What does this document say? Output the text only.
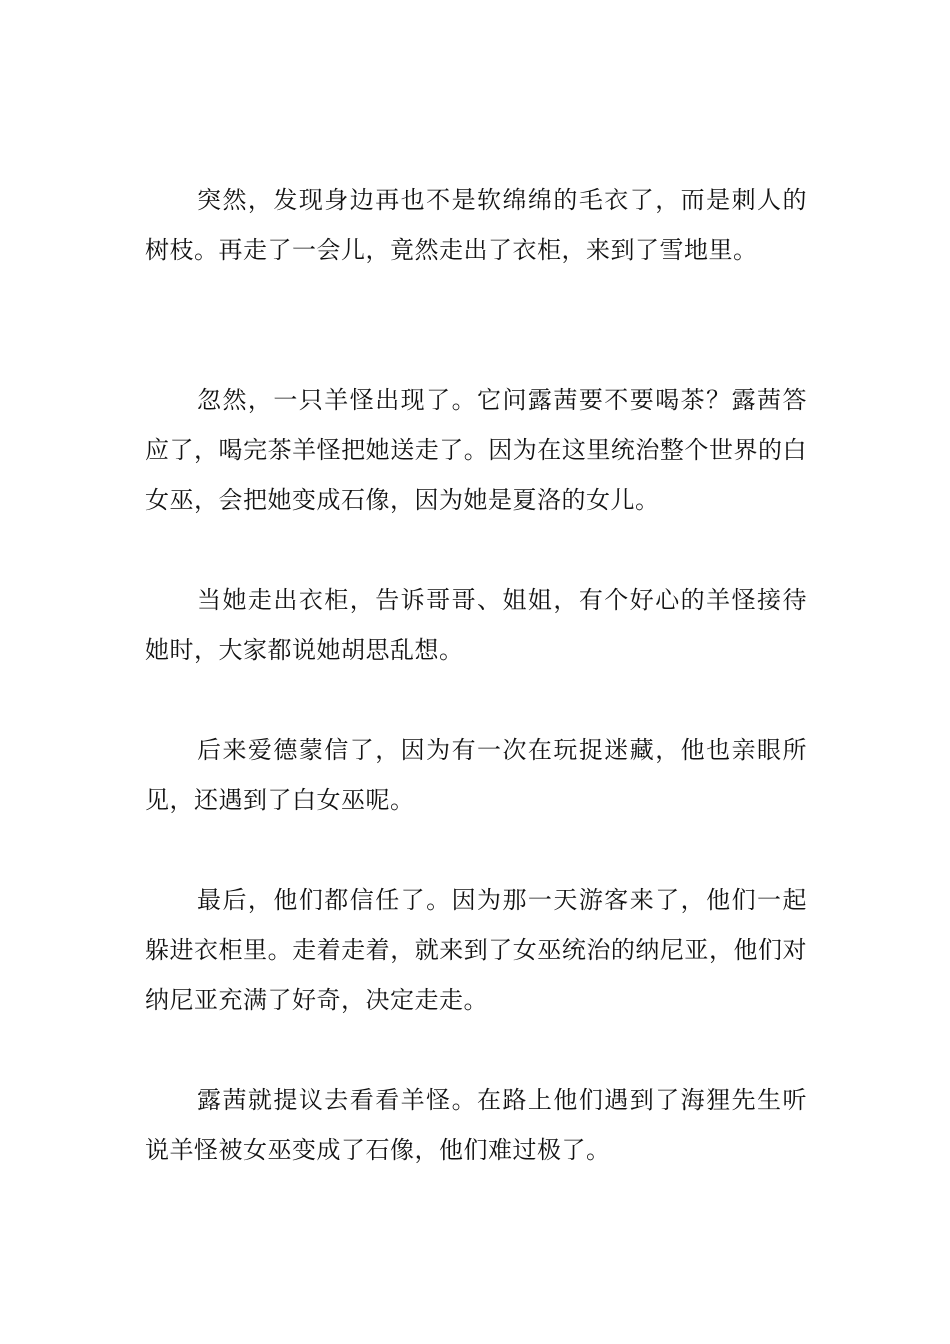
突然，发现身边再也不是软绵绵的毛衣了，而是刺人的树枝。再走了一会儿，竟然走出了衣柜，来到了雪地里。

忽然，一只羊怪出现了。它问露茜要不要喝茶？露茜答应了，喝完茶羊怪把她送走了。因为在这里统治整个世界的白女巫，会把她变成石像，因为她是夏洛的女儿。

当她走出衣柜，告诉哥哥、姐姐，有个好心的羊怪接待她时，大家都说她胡思乱想。

后来爱德蒙信了，因为有一次在玩捉迷藏，他也亲眼所见，还遇到了白女巫呢。

最后，他们都信任了。因为那一天游客来了，他们一起躲进衣柜里。走着走着，就来到了女巫统治的纳尼亚，他们对纳尼亚充满了好奇，决定走走。

露茜就提议去看看羊怪。在路上他们遇到了海狸先生听说羊怪被女巫变成了石像，他们难过极了。
